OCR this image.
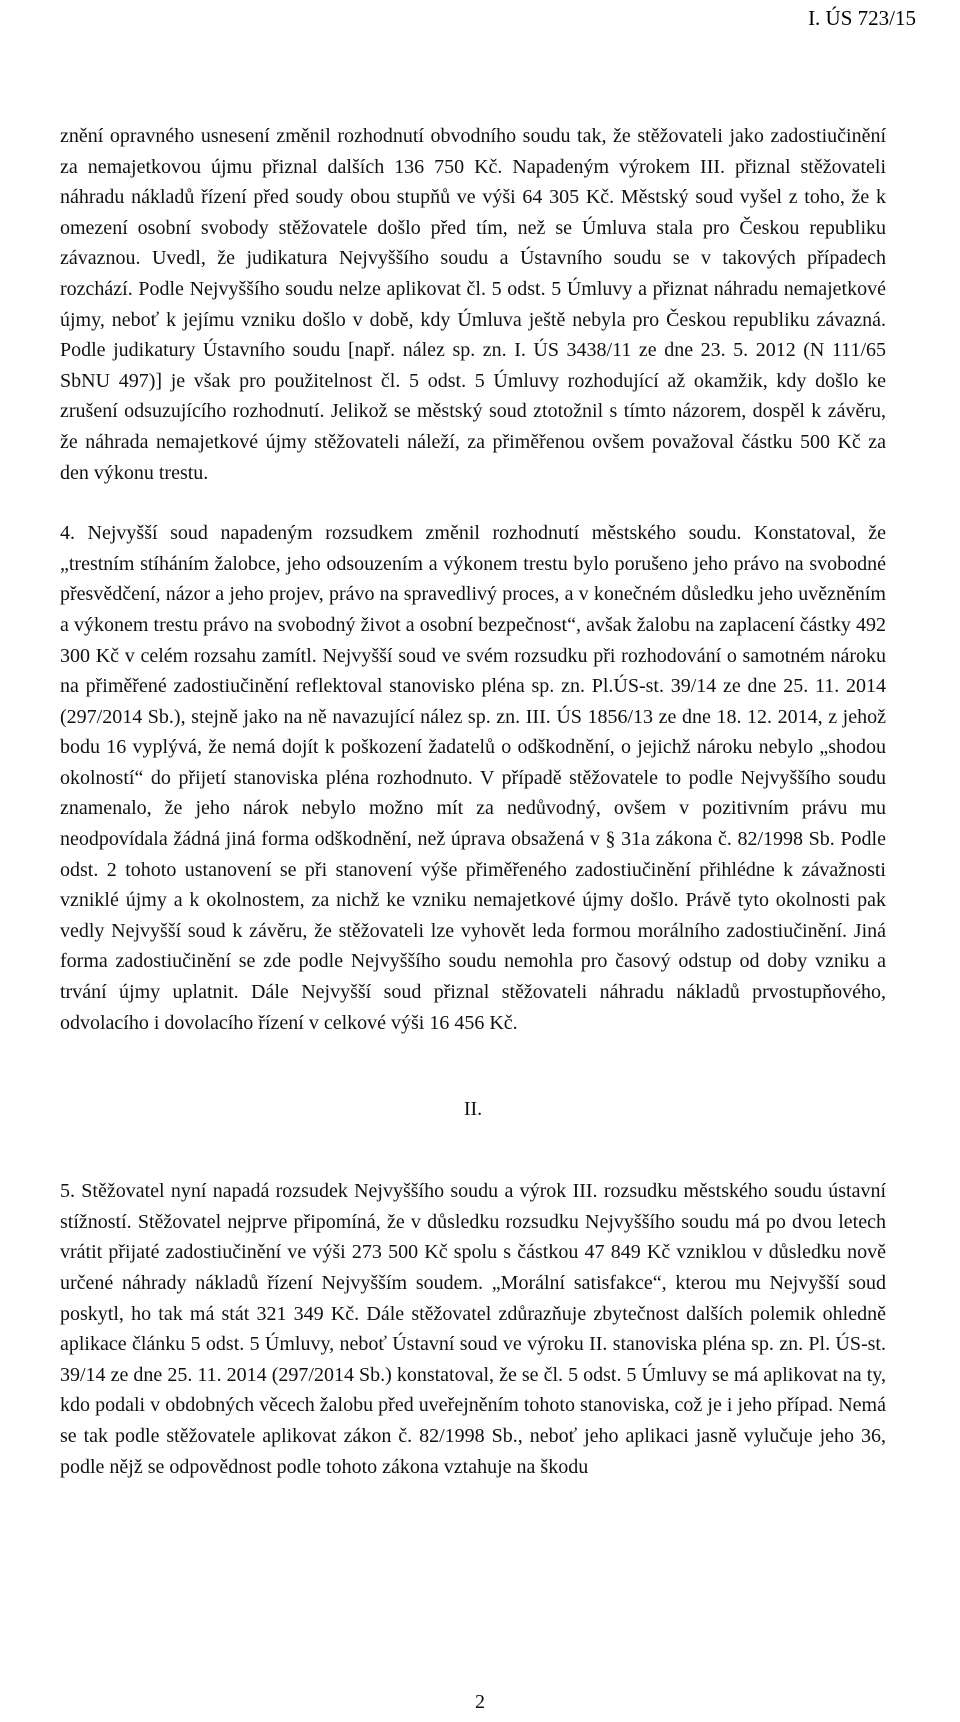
I. ÚS 723/15

znění opravného usnesení změnil rozhodnutí obvodního soudu tak, že stěžovateli jako zadostiučinění za nemajetkovou újmu přiznal dalších 136 750 Kč. Napadeným výrokem III. přiznal stěžovateli náhradu nákladů řízení před soudy obou stupňů ve výši 64 305 Kč. Městský soud vyšel z toho, že k omezení osobní svobody stěžovatele došlo před tím, než se Úmluva stala pro Českou republiku závaznou. Uvedl, že judikatura Nejvyššího soudu a Ústavního soudu se v takových případech rozchází. Podle Nejvyššího soudu nelze aplikovat čl. 5 odst. 5 Úmluvy a přiznat náhradu nemajetkové újmy, neboť k jejímu vzniku došlo v době, kdy Úmluva ještě nebyla pro Českou republiku závazná. Podle judikatury Ústavního soudu [např. nález sp. zn. I. ÚS 3438/11 ze dne 23. 5. 2012 (N 111/65 SbNU 497)] je však pro použitelnost čl. 5 odst. 5 Úmluvy rozhodující až okamžik, kdy došlo ke zrušení odsuzujícího rozhodnutí. Jelikož se městský soud ztotožnil s tímto názorem, dospěl k závěru, že náhrada nemajetkové újmy stěžovateli náleží, za přiměřenou ovšem považoval částku 500 Kč za den výkonu trestu.

4. Nejvyšší soud napadeným rozsudkem změnil rozhodnutí městského soudu. Konstatoval, že „trestním stíháním žalobce, jeho odsouzením a výkonem trestu bylo porušeno jeho právo na svobodné přesvědčení, názor a jeho projev, právo na spravedlivý proces, a v konečném důsledku jeho uvězněním a výkonem trestu právo na svobodný život a osobní bezpečnost“, avšak žalobu na zaplacení částky 492 300 Kč v celém rozsahu zamítl. Nejvyšší soud ve svém rozsudku při rozhodování o samotném nároku na přiměřené zadostiučinění reflektoval stanovisko pléna sp. zn. Pl.ÚS-st. 39/14 ze dne 25. 11. 2014 (297/2014 Sb.), stejně jako na ně navazující nález sp. zn. III. ÚS 1856/13 ze dne 18. 12. 2014, z jehož bodu 16 vyplývá, že nemá dojít k poškození žadatelů o odškodnění, o jejichž nároku nebylo „shodou okolností“ do přijetí stanoviska pléna rozhodnuto. V případě stěžovatele to podle Nejvyššího soudu znamenalo, že jeho nárok nebylo možno mít za nedůvodný, ovšem v pozitivním právu mu neodpovídala žádná jiná forma odškodnění, než úprava obsažená v § 31a zákona č. 82/1998 Sb. Podle odst. 2 tohoto ustanovení se při stanovení výše přiměřeného zadostiučinění přihlédne k závažnosti vzniklé újmy a k okolnostem, za nichž ke vzniku nemajetkové újmy došlo. Právě tyto okolnosti pak vedly Nejvyšší soud k závěru, že stěžovateli lze vyhovět leda formou morálního zadostiučinění. Jiná forma zadostiučinění se zde podle Nejvyššího soudu nemohla pro časový odstup od doby vzniku a trvání újmy uplatnit. Dále Nejvyšší soud přiznal stěžovateli náhradu nákladů prvostupňového, odvolacího i dovolacího řízení v celkové výši 16 456 Kč.

II.

5. Stěžovatel nyní napadá rozsudek Nejvyššího soudu a výrok III. rozsudku městského soudu ústavní stížností. Stěžovatel nejprve připomíná, že v důsledku rozsudku Nejvyššího soudu má po dvou letech vrátit přijaté zadostiučinění ve výši 273 500 Kč spolu s částkou 47 849 Kč vzniklou v důsledku nově určené náhrady nákladů řízení Nejvyšším soudem. „Morální satisfakce“, kterou mu Nejvyšší soud poskytl, ho tak má stát 321 349 Kč. Dále stěžovatel zdůrazňuje zbytečnost dalších polemik ohledně aplikace článku 5 odst. 5 Úmluvy, neboť Ústavní soud ve výroku II. stanoviska pléna sp. zn. Pl. ÚS-st. 39/14 ze dne 25. 11. 2014 (297/2014 Sb.) konstatoval, že se čl. 5 odst. 5 Úmluvy se má aplikovat na ty, kdo podali v obdobných věcech žalobu před uveřejněním tohoto stanoviska, což je i jeho případ. Nemá se tak podle stěžovatele aplikovat zákon č. 82/1998 Sb., neboť jeho aplikaci jasně vylučuje jeho 36, podle nějž se odpovědnost podle tohoto zákona vztahuje na škodu

2
